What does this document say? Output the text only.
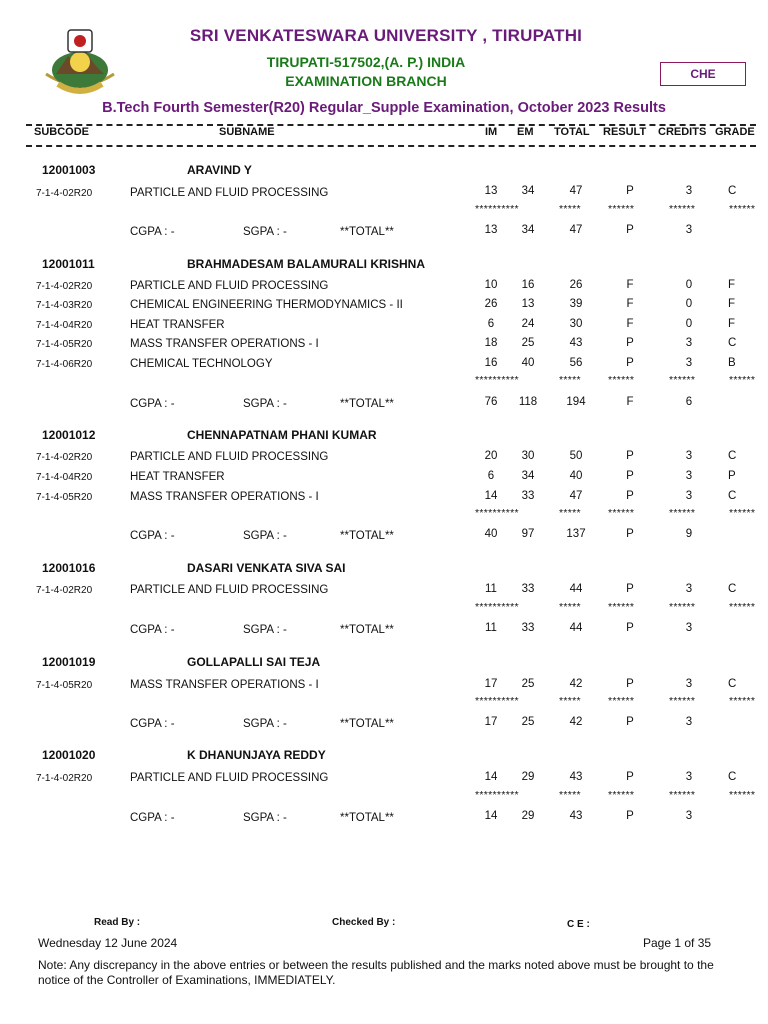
SRI VENKATESWARA UNIVERSITY , TIRUPATHI
TIRUPATI-517502,(A. P.) INDIA
EXAMINATION BRANCH	CHE
B.Tech Fourth Semester(R20) Regular_Supple Examination, October 2023 Results
SUBCODE	SUBNAME	IM EM TOTAL RESULT CREDITS GRADE
12001003	ARAVIND Y
7-1-4-02R20	PARTICLE AND FLUID PROCESSING	13	34	47	P	3	C
**********	*****	******	******	******
CGPA : -	SGPA : -	**TOTAL**	13	34	47	P	3
12001011	BRAHMADESAM BALAMURALI KRISHNA
7-1-4-02R20	PARTICLE AND FLUID PROCESSING	10	16	26	F	0	F
7-1-4-03R20	CHEMICAL ENGINEERING THERMODYNAMICS - II	26	13	39	F	0	F
7-1-4-04R20	HEAT TRANSFER	6	24	30	F	0	F
7-1-4-05R20	MASS TRANSFER OPERATIONS - I	18	25	43	P	3	C
7-1-4-06R20	CHEMICAL TECHNOLOGY	16	40	56	P	3	B
**********	*****	******	******	******
CGPA : -	SGPA : -	**TOTAL**	76	118	194	F	6
12001012	CHENNAPATNAM PHANI KUMAR
7-1-4-02R20	PARTICLE AND FLUID PROCESSING	20	30	50	P	3	C
7-1-4-04R20	HEAT TRANSFER	6	34	40	P	3	P
7-1-4-05R20	MASS TRANSFER OPERATIONS - I	14	33	47	P	3	C
**********	*****	******	******	******
CGPA : -	SGPA : -	**TOTAL**	40	97	137	P	9
12001016	DASARI VENKATA SIVA SAI
7-1-4-02R20	PARTICLE AND FLUID PROCESSING	11	33	44	P	3	C
**********	*****	******	******	******
CGPA : -	SGPA : -	**TOTAL**	11	33	44	P	3
12001019	GOLLAPALLI SAI TEJA
7-1-4-05R20	MASS TRANSFER OPERATIONS - I	17	25	42	P	3	C
**********	*****	******	******	******
CGPA : -	SGPA : -	**TOTAL**	17	25	42	P	3
12001020	K DHANUNJAYA REDDY
7-1-4-02R20	PARTICLE AND FLUID PROCESSING	14	29	43	P	3	C
**********	*****	******	******	******
CGPA : -	SGPA : -	**TOTAL**	14	29	43	P	3
Read By :	Checked By :	C E :
Wednesday 12 June 2024	Page 1 of 35
Note: Any discrepancy in the above entries or between the results published and the marks noted above must be brought to the notice of the Controller of Examinations, IMMEDIATELY.
